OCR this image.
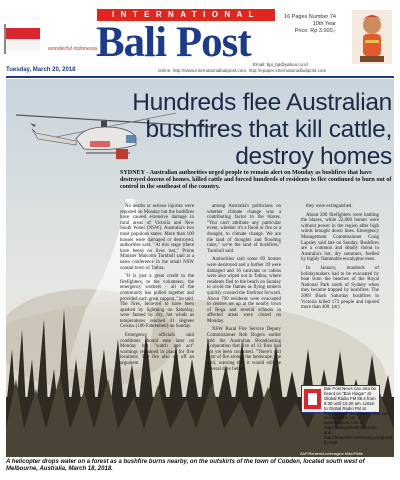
wonderful indonesia
INTERNATIONAL
Bali Post
16 Pages Number 74
10th Year
Price: Rp 3.000,-
Email: bpi_bp@yahoo.co.id
Tuesday, March 20, 2018	online: http://www.internationalbalipost.com, http://epaper.internationalbalipost.com
Hundreds flee Australian bushfires that kill cattle, destroy homes
SYDNEY - Australian authorities urged people to remain alert on Monday as bushfires that have destroyed dozens of homes, killed cattle and forced hundreds of residents to flee continued to burn out of control in the southeast of the country.

No deaths or serious injuries were reported on Monday but the bushfires have caused extensive damage in rural areas of Victoria and New South Wales (NSW), Australia's two most populous states. More than 100 houses were damaged or destroyed, authorities said. "At this stage (there have been) no lives lost," Prime Minister Malcolm Turnbull said at a news conference in the small NSW coastal town of Tathra.

"It is just a great credit to the firefighters, to the volunteers, the emergency workers - all of the community has pulled together and provided such great support," he said. The fires, believed to have been sparked by lightning on Saturday, were fanned by dry, hot winds as temperatures reached 41 degrees Celsius (106 Fahrenheit) on Sunday.

Emergency officials said conditions should ease later on Monday but "watch and act" warnings remained in place for five locations. The fire also set off an argument

among Australia's politicians on whether climate change was a contributing factor to the blazes. "You can't attribute any particular event, whether it's a flood or fire or a drought, to climate change. We are the land of droughts and flooding rains," we're the land of bushfires," Turnbull said.

Authorities said some 69 houses were destroyed and a further 39 were damaged and 16 caravans or cabins were also wiped out in Tathra, where residents fled to the beach on Sunday to avoid the flames as flying embers quickly crossed the firefront forward. About 700 residents were evacuated to centres set up at the nearby town of Bega and several schools in affected areas were closed on Monday.

NSW Rural Fire Service Deputy Commissioner Rob Rogers earlier told the Australian Broadcasting Corporation that five of 12 fires had not yet been contained. "There's still a lot of fire around the landscape," he said, warning that it would still be several days before

they were extinguished.

About 200 firefighters were battling the blazes, while 22,000 homes were without power in the region after high winds brought down lines. Emergency Management Commissioner Craig Lapsley said late on Sunday. Bushfires are a common and deadly threat in Australia's hot, dry summers, fuelled by highly flammable eucalyptus trees.

In January, hundreds of holidaymakers had to be evacuated by boat from the beaches of the Royal National Park south of Sydney when they became trapped by bushfires. The 2009 Black Saturday bushfires in Victoria killed 173 people and injured more than 400. (rtr)

Bali Post News can also be heard on "Bali Hiagar" at Global Radio FM 88.4 from 8.30 until 10.00 am. Listen to Global Radio FM at http://globalfmbali.listenonline.com or live online on: www.balipost.com or http://radioglobalfmbali.com and http://mraumbs.com/category/global-fm-bali
AAP/Reuters/Lumimagine Mike/Fiktie
A helicopter drops water on a forest as a bushfire burns nearby, on the outskirts of the town of Cobden, located south west of Melbourne, Australia, March 18, 2018.
